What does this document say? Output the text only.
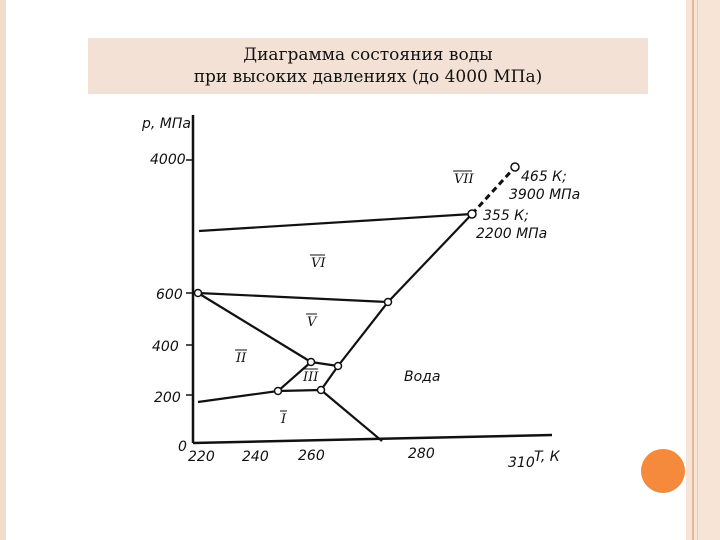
Диаграмма состояния воды
при высоких давлениях (до 4000 МПа)
p, МПа
310 T, К
4000
600
400
200
0
220 240 260	280
VII
VI
V
II
III
I
Вода
465 К;
3900 МПа
355 К;
2200 МПа
